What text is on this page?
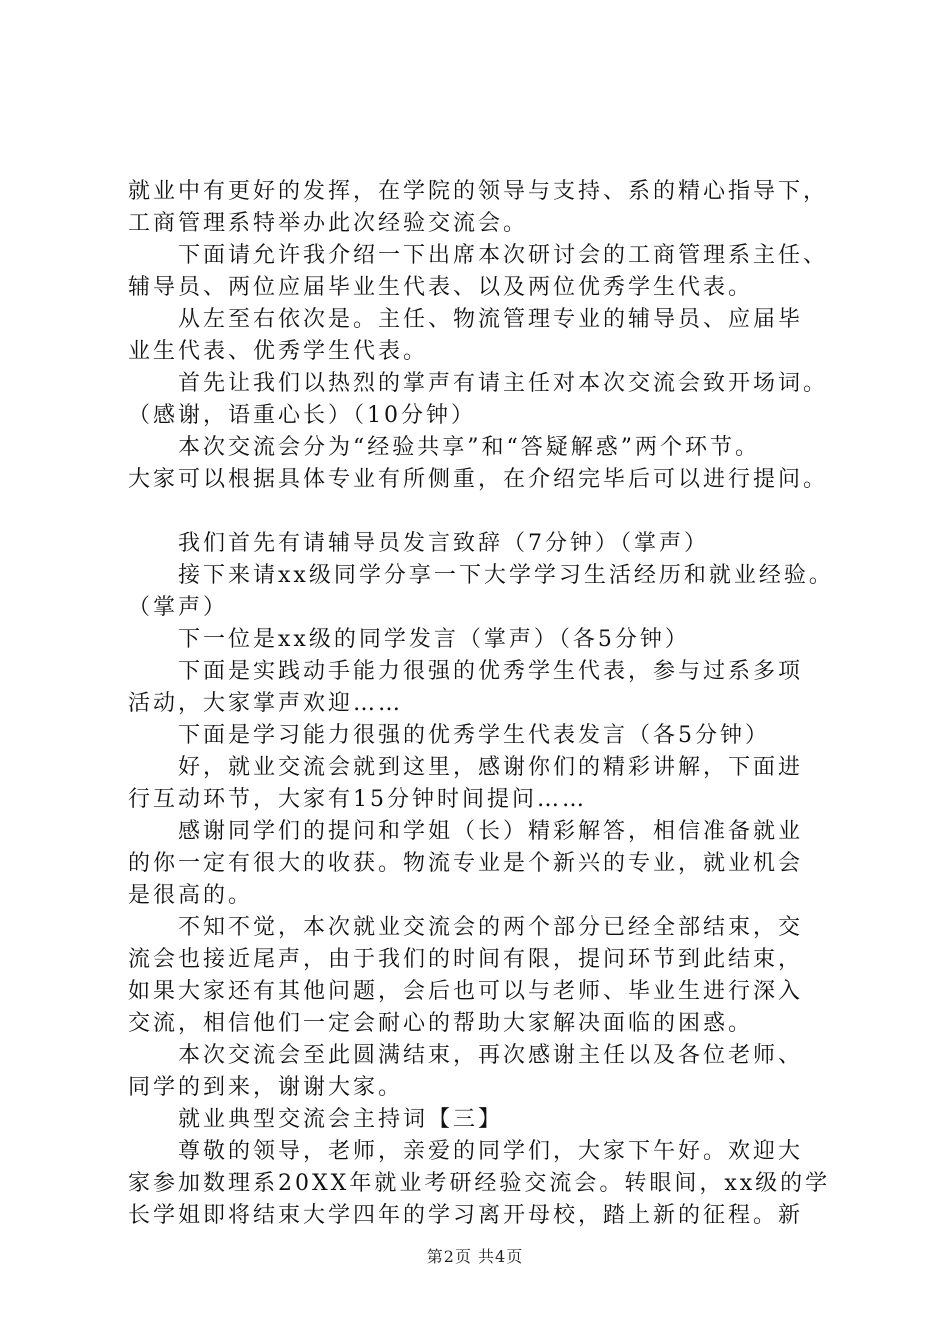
就业中有更好的发挥，在学院的领导与支持、系的精心指导下，
工商管理系特举办此次经验交流会。
下面请允许我介绍一下出席本次研讨会的工商管理系主任、
辅导员、两位应届毕业生代表、以及两位优秀学生代表。
从左至右依次是。主任、物流管理专业的辅导员、应届毕
业生代表、优秀学生代表。
首先让我们以热烈的掌声有请主任对本次交流会致开场词。
（感谢，语重心长）（10分钟）
本次交流会分为“经验共享”和“答疑解惑”两个环节。
大家可以根据具体专业有所侧重，在介绍完毕后可以进行提问。
我们首先有请辅导员发言致辞（7分钟）（掌声）
接下来请xx级同学分享一下大学学习生活经历和就业经验。
（掌声）
下一位是xx级的同学发言（掌声）（各5分钟）
下面是实践动手能力很强的优秀学生代表，参与过系多项
活动，大家掌声欢迎……
下面是学习能力很强的优秀学生代表发言（各5分钟）
好，就业交流会就到这里，感谢你们的精彩讲解，下面进
行互动环节，大家有15分钟时间提问……
感谢同学们的提问和学姐（长）精彩解答，相信准备就业
的你一定有很大的收获。物流专业是个新兴的专业，就业机会
是很高的。
不知不觉，本次就业交流会的两个部分已经全部结束，交
流会也接近尾声，由于我们的时间有限，提问环节到此结束，
如果大家还有其他问题，会后也可以与老师、毕业生进行深入
交流，相信他们一定会耐心的帮助大家解决面临的困惑。
本次交流会至此圆满结束，再次感谢主任以及各位老师、
同学的到来，谢谢大家。
就业典型交流会主持词【三】
尊敬的领导，老师，亲爱的同学们，大家下午好。欢迎大
家参加数理系20XX年就业考研经验交流会。转眼间，xx级的学
长学姐即将结束大学四年的学习离开母校，踏上新的征程。新
第2页 共4页
